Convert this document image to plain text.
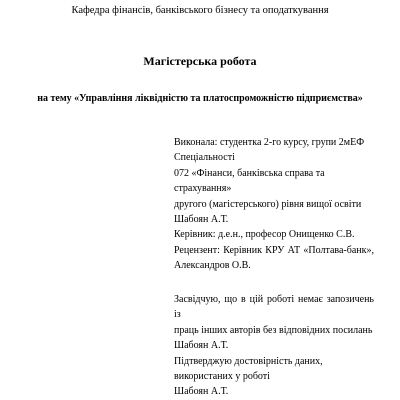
Кафедра фінансів, банківського бізнесу та оподаткування
Магістерська робота
на тему «Управління ліквідністю та платоспроможністю підприємства»
Виконала: студентка 2-го курсу, групи 2мЕФ
Спеціальності
072 «Фінанси, банківська справа та
страхування»
другого (магістерського) рівня вищої освіти
Шабоян А.Т.
Керівник: д.е.н., професор Онищенко С.В.
Рецензент: Керівник КРУ АТ «Полтава-банк»,
Александров О.В.
Засвідчую, що в цій роботі немає запозичень із
праць інших авторів без відповідних посилань
Шабоян А.Т.
Підтверджую достовірність даних,
використаних у роботі
Шабоян А.Т.
